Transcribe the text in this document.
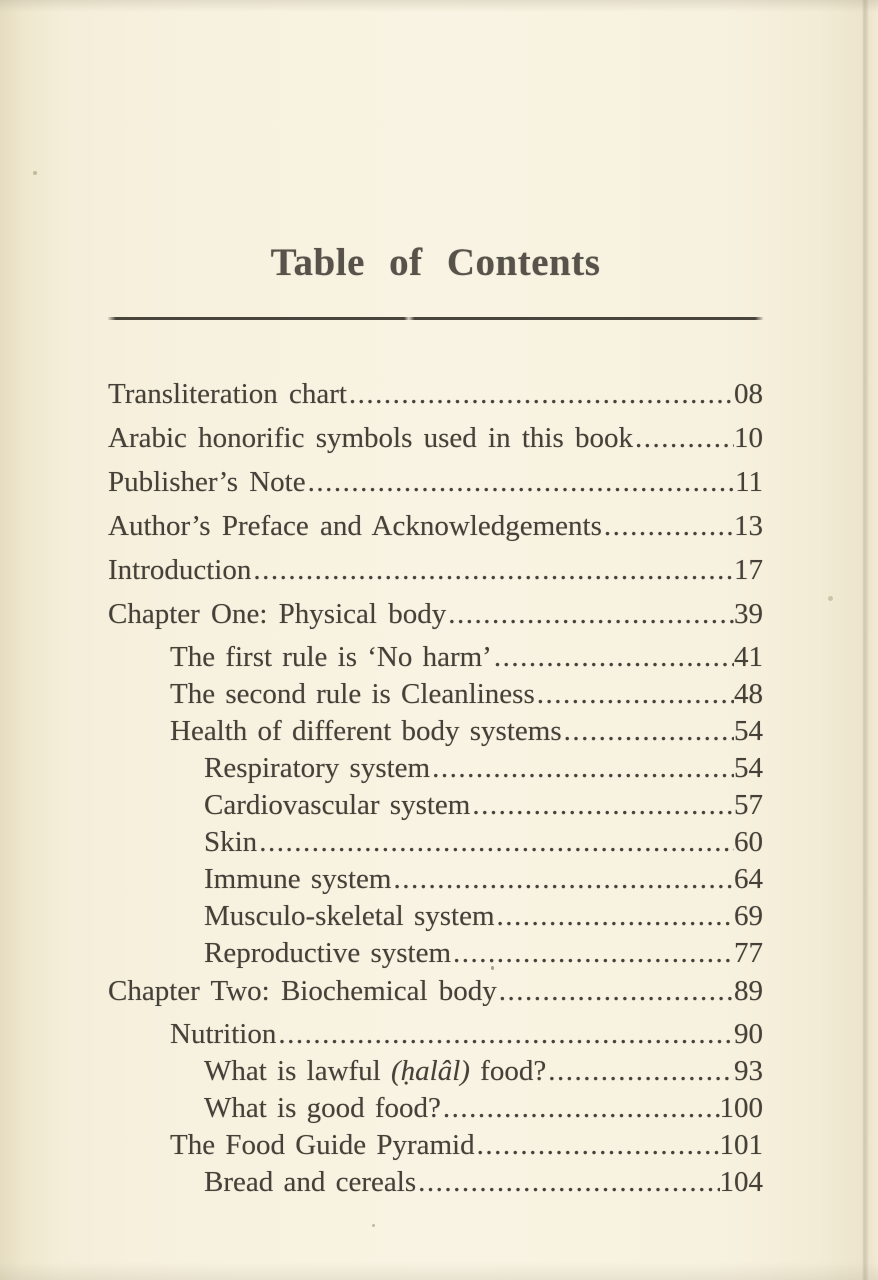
Table of Contents
Transliteration chart .....	08
Arabic honorific symbols used in this book .....	10
Publisher’s Note .....	11
Author’s Preface and Acknowledgements .....	13
Introduction .....	17
Chapter One: Physical body .....	39
The first rule is ‘No harm’ .....	41
The second rule is Cleanliness .....	48
Health of different body systems .....	54
Respiratory system .....	54
Cardiovascular system .....	57
Skin .....	60
Immune system .....	64
Musculo-skeletal system .....	69
Reproductive system .....	77
Chapter Two: Biochemical body .....	89
Nutrition .....	90
What is lawful (ḥalâl) food? .....	93
What is good food? .....	100
The Food Guide Pyramid .....	101
Bread and cereals .....	104
